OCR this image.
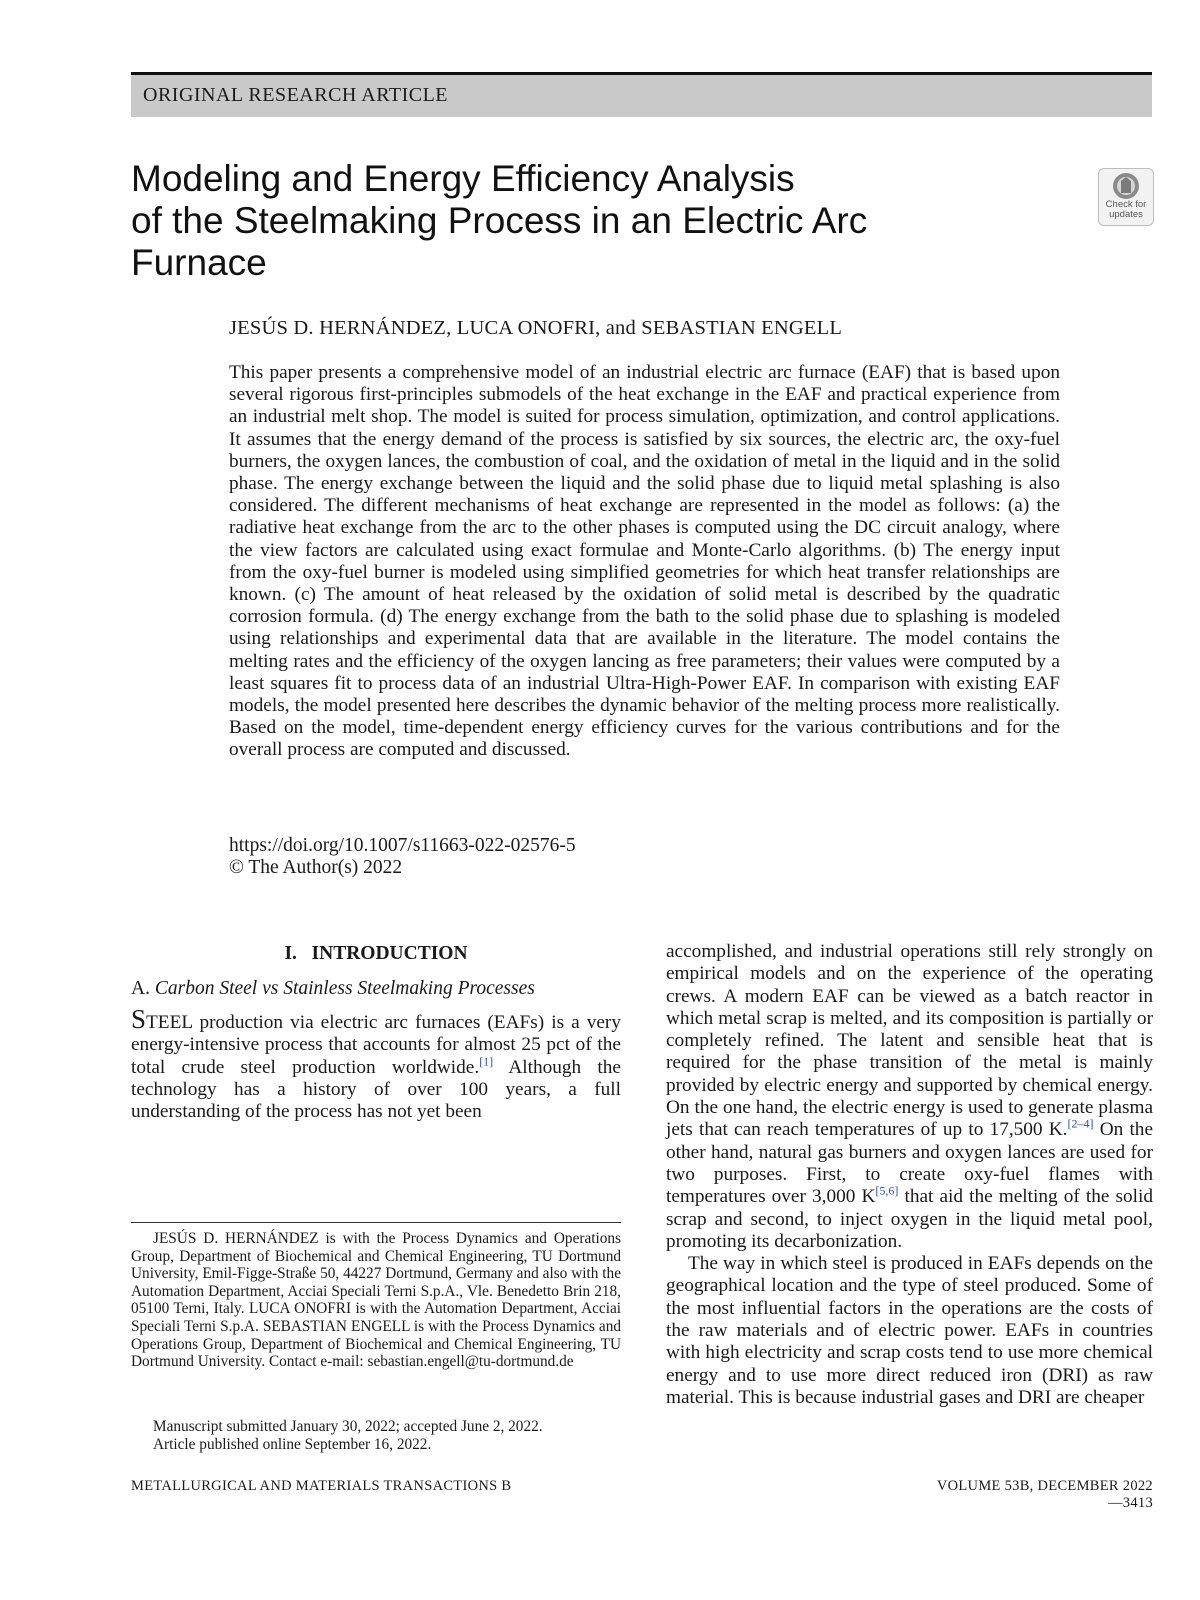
ORIGINAL RESEARCH ARTICLE
Modeling and Energy Efficiency Analysis
of the Steelmaking Process in an Electric Arc
Furnace
Check for
updates
JESÚS D. HERNÁNDEZ, LUCA ONOFRI, and SEBASTIAN ENGELL

This paper presents a comprehensive model of an industrial electric arc furnace (EAF) that is based upon several rigorous first-principles submodels of the heat exchange in the EAF and practical experience from an industrial melt shop. The model is suited for process simulation, optimization, and control applications. It assumes that the energy demand of the process is satisfied by six sources, the electric arc, the oxy-fuel burners, the oxygen lances, the combustion of coal, and the oxidation of metal in the liquid and in the solid phase. The energy exchange between the liquid and the solid phase due to liquid metal splashing is also considered. The different mechanisms of heat exchange are represented in the model as follows: (a) the radiative heat exchange from the arc to the other phases is computed using the DC circuit analogy, where the view factors are calculated using exact formulae and Monte-Carlo algorithms. (b) The energy input from the oxy-fuel burner is modeled using simplified geometries for which heat transfer relationships are known. (c) The amount of heat released by the oxidation of solid metal is described by the quadratic corrosion formula. (d) The energy exchange from the bath to the solid phase due to splashing is modeled using relationships and experimental data that are available in the literature. The model contains the melting rates and the efficiency of the oxygen lancing as free parameters; their values were computed by a least squares fit to process data of an industrial Ultra-High-Power EAF. In comparison with existing EAF models, the model presented here describes the dynamic behavior of the melting process more realistically. Based on the model, time-dependent energy efficiency curves for the various contributions and for the overall process are computed and discussed.

https://doi.org/10.1007/s11663-022-02576-5
© The Author(s) 2022
I. INTRODUCTION
A. Carbon Steel vs Stainless Steelmaking Processes

STEEL production via electric arc furnaces (EAFs) is a very energy-intensive process that accounts for almost 25 pct of the total crude steel production worldwide.[1] Although the technology has a history of over 100 years, a full understanding of the process has not yet been

accomplished, and industrial operations still rely strongly on empirical models and on the experience of the operating crews. A modern EAF can be viewed as a batch reactor in which metal scrap is melted, and its composition is partially or completely refined. The latent and sensible heat that is required for the phase transition of the metal is mainly provided by electric energy and supported by chemical energy. On the one hand, the electric energy is used to generate plasma jets that can reach temperatures of up to 17,500 K.[2–4] On the other hand, natural gas burners and oxygen lances are used for two purposes. First, to create oxy-fuel flames with temperatures over 3,000 K[5,6] that aid the melting of the solid scrap and second, to inject oxygen in the liquid metal pool, promoting its decarbonization.

The way in which steel is produced in EAFs depends on the geographical location and the type of steel produced. Some of the most influential factors in the operations are the costs of the raw materials and of electric power. EAFs in countries with high electricity and scrap costs tend to use more chemical energy and to use more direct reduced iron (DRI) as raw material. This is because industrial gases and DRI are cheaper

JESÚS D. HERNÁNDEZ is with the Process Dynamics and Operations Group, Department of Biochemical and Chemical Engineering, TU Dortmund University, Emil-Figge-Straße 50, 44227 Dortmund, Germany and also with the Automation Department, Acciai Speciali Terni S.p.A., Vle. Benedetto Brin 218, 05100 Terni, Italy. LUCA ONOFRI is with the Automation Department, Acciai Speciali Terni S.p.A. SEBASTIAN ENGELL is with the Process Dynamics and Operations Group, Department of Biochemical and Chemical Engineering, TU Dortmund University. Contact e-mail: sebastian.engell@tu-dortmund.de

Manuscript submitted January 30, 2022; accepted June 2, 2022.
Article published online September 16, 2022.
METALLURGICAL AND MATERIALS TRANSACTIONS B	VOLUME 53B, DECEMBER 2022—3413
